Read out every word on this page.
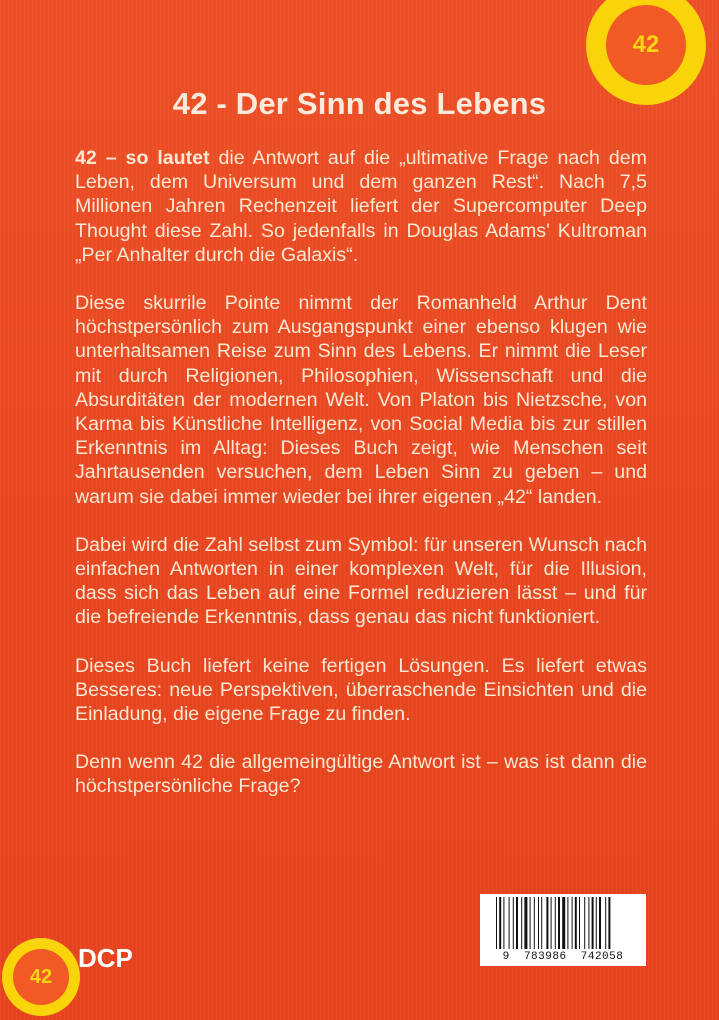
42
42 - Der Sinn des Lebens

42 – so lautet die Antwort auf die „ultimative Frage nach dem Leben, dem Universum und dem ganzen Rest“. Nach 7,5 Millionen Jahren Rechenzeit liefert der Supercomputer Deep Thought diese Zahl. So jedenfalls in Douglas Adams' Kultroman „Per Anhalter durch die Galaxis“.

Diese skurrile Pointe nimmt der Romanheld Arthur Dent höchstpersönlich zum Ausgangspunkt einer ebenso klugen wie unterhaltsamen Reise zum Sinn des Lebens. Er nimmt die Leser mit durch Religionen, Philosophien, Wissenschaft und die Absurditäten der modernen Welt. Von Platon bis Nietzsche, von Karma bis Künstliche Intelligenz, von Social Media bis zur stillen Erkenntnis im Alltag: Dieses Buch zeigt, wie Menschen seit Jahrtausenden versuchen, dem Leben Sinn zu geben – und warum sie dabei immer wieder bei ihrer eigenen „42“ landen.

Dabei wird die Zahl selbst zum Symbol: für unseren Wunsch nach einfachen Antworten in einer komplexen Welt, für die Illusion, dass sich das Leben auf eine Formel reduzieren lässt – und für die befreiende Erkenntnis, dass genau das nicht funktioniert.

Dieses Buch liefert keine fertigen Lösungen. Es liefert etwas Besseres: neue Perspektiven, überraschende Einsichten und die Einladung, die eigene Frage zu finden.

Denn wenn 42 die allgemeingültige Antwort ist – was ist dann die höchstpersönliche Frage?

9  783986  742058
42
DCP
